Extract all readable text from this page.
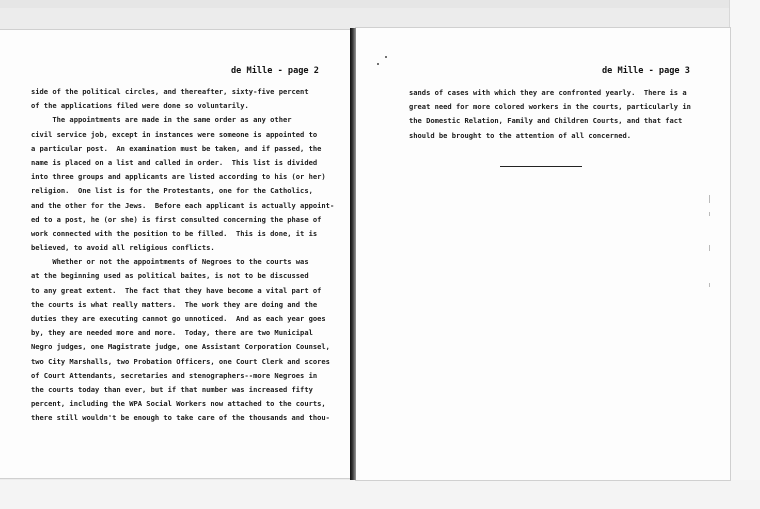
de Mille - page 2
side of the political circles, and thereafter, sixty-five percent
of the applications filed were done so voluntarily.
The appointments are made in the same order as any other
civil service job, except in instances were someone is appointed to
a particular post.  An examination must be taken, and if passed, the
name is placed on a list and called in order.  This list is divided
into three groups and applicants are listed according to his (or her)
religion.  One list is for the Protestants, one for the Catholics,
and the other for the Jews.  Before each applicant is actually appoint-
ed to a post, he (or she) is first consulted concerning the phase of
work connected with the position to be filled.  This is done, it is
believed, to avoid all religious conflicts.
Whether or not the appointments of Negroes to the courts was
at the beginning used as political baites, is not to be discussed
to any great extent.  The fact that they have become a vital part of
the courts is what really matters.  The work they are doing and the
duties they are executing cannot go unnoticed.  And as each year goes
by, they are needed more and more.  Today, there are two Municipal
Negro judges, one Magistrate judge, one Assistant Corporation Counsel,
two City Marshalls, two Probation Officers, one Court Clerk and scores
of Court Attendants, secretaries and stenographers--more Negroes in
the courts today than ever, but if that number was increased fifty
percent, including the WPA Social Workers now attached to the courts,
there still wouldn't be enough to take care of the thousands and thou-
de Mille - page 3
sands of cases with which they are confronted yearly.  There is a
great need for more colored workers in the courts, particularly in
the Domestic Relation, Family and Children Courts, and that fact
should be brought to the attention of all concerned.
